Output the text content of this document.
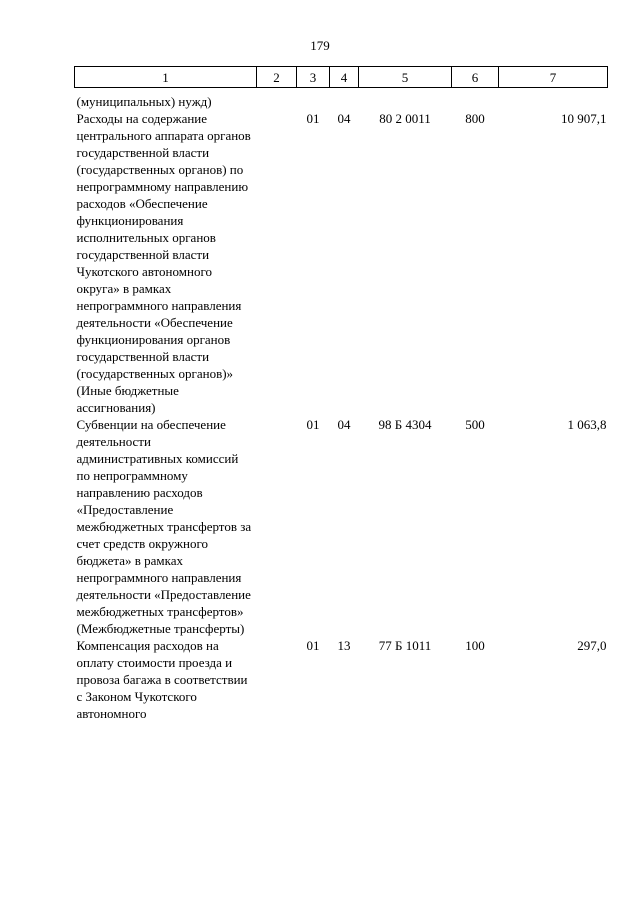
179
1	2	3	4	5	6	7
(муниципальных) нужд)						
Расходы на содержание центрального аппарата органов государственной власти (государственных органов) по непрограммному направлению расходов «Обеспечение функционирования исполнительных органов государственной власти Чукотского автономного округа» в рамках непрограммного направления деятельности «Обеспечение функционирования органов государственной власти (государственных органов)» (Иные бюджетные ассигнования)		01	04	80 2 0011	800	10 907,1
Субвенции на обеспечение деятельности административных комиссий по непрограммному направлению расходов «Предоставление межбюджетных трансфертов за счет средств окружного бюджета» в рамках непрограммного направления деятельности «Предоставление межбюджетных трансфертов» (Межбюджетные трансферты)		01	04	98 Б 4304	500	1 063,8
Компенсация расходов на оплату стоимости проезда и провоза багажа в соответствии с Законом Чукотского автономного		01	13	77 Б 1011	100	297,0
